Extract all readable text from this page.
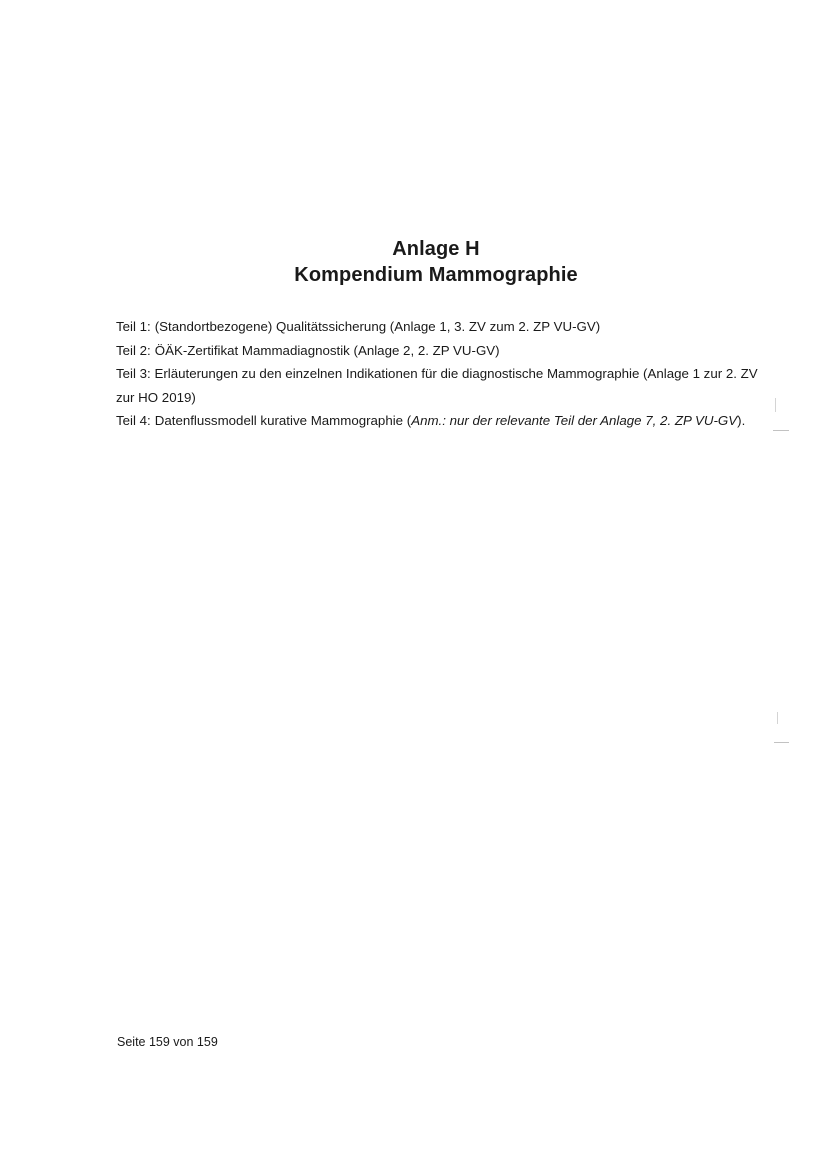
Anlage H
Kompendium Mammographie
Teil 1: (Standortbezogene) Qualitätssicherung (Anlage 1, 3. ZV zum 2. ZP VU-GV)
Teil 2: ÖÄK-Zertifikat Mammadiagnostik (Anlage 2, 2. ZP VU-GV)
Teil 3: Erläuterungen zu den einzelnen Indikationen für die diagnostische Mammographie (Anlage 1 zur 2. ZV zur HO 2019)
Teil 4: Datenflussmodell kurative Mammographie (Anm.: nur der relevante Teil der Anlage 7, 2. ZP VU-GV).
Seite 159 von 159
